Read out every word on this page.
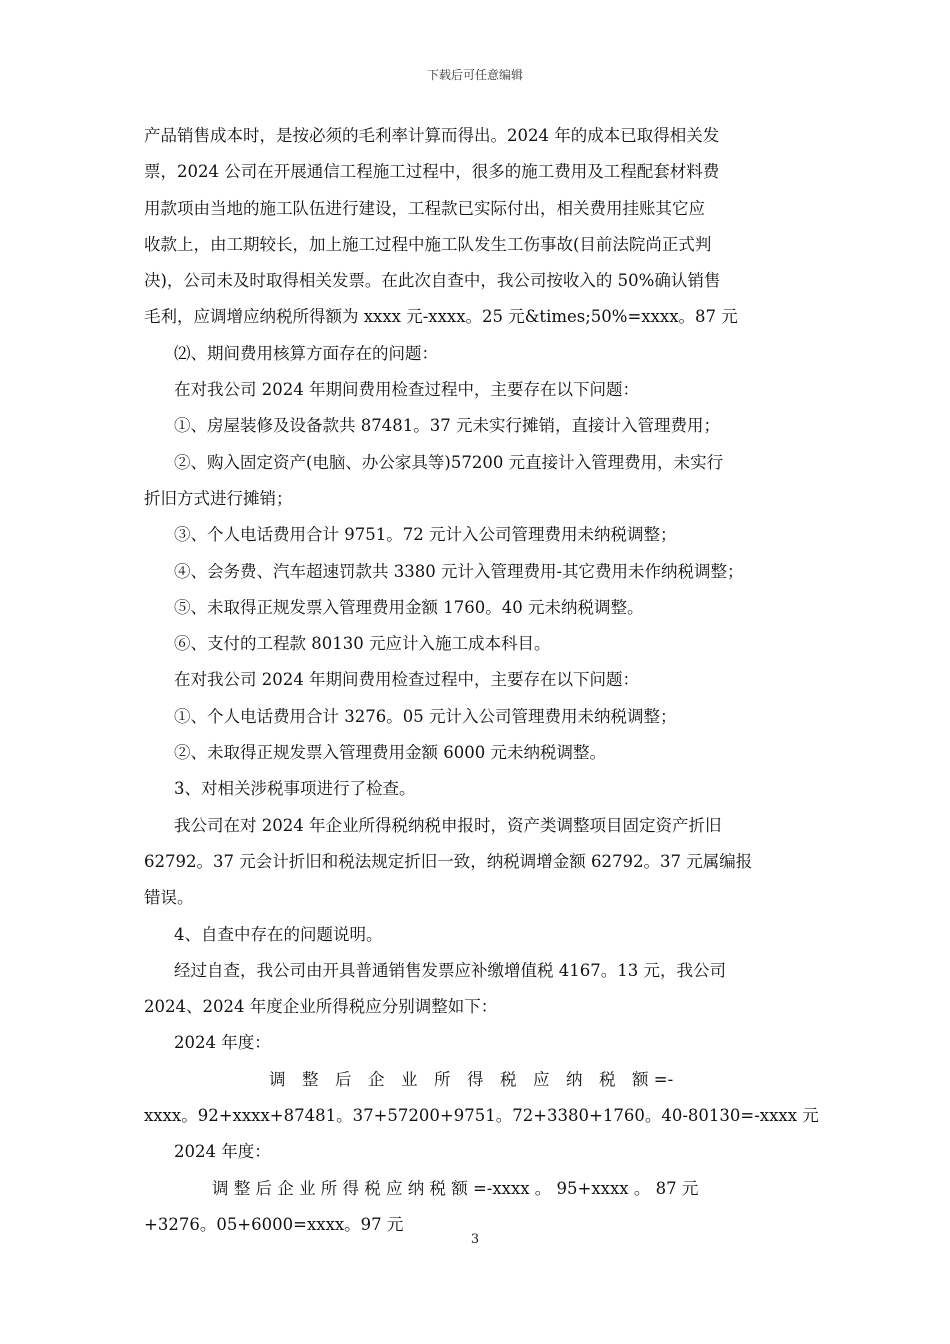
下载后可任意编辑

产品销售成本时，是按必须的毛利率计算而得出。2024 年的成本已取得相关发

票，2024 公司在开展通信工程施工过程中，很多的施工费用及工程配套材料费

用款项由当地的施工队伍进行建设，工程款已实际付出，相关费用挂账其它应

收款上，由工期较长，加上施工过程中施工队发生工伤事故(目前法院尚正式判

决)，公司未及时取得相关发票。在此次自查中，我公司按收入的 50%确认销售

毛利，应调增应纳税所得额为 xxxx 元-xxxx。25 元&times;50%=xxxx。87 元

⑵、期间费用核算方面存在的问题：

在对我公司 2024 年期间费用检查过程中，主要存在以下问题：

①、房屋装修及设备款共 87481。37 元未实行摊销，直接计入管理费用；

②、购入固定资产(电脑、办公家具等)57200 元直接计入管理费用，未实行

折旧方式进行摊销；

③、个人电话费用合计 9751。72 元计入公司管理费用未纳税调整；

④、会务费、汽车超速罚款共 3380 元计入管理费用-其它费用未作纳税调整；

⑤、未取得正规发票入管理费用金额 1760。40 元未纳税调整。

⑥、支付的工程款 80130 元应计入施工成本科目。

在对我公司 2024 年期间费用检查过程中，主要存在以下问题：

①、个人电话费用合计 3276。05 元计入公司管理费用未纳税调整；

②、未取得正规发票入管理费用金额 6000 元未纳税调整。

3、对相关涉税事项进行了检查。

我公司在对 2024 年企业所得税纳税申报时，资产类调整项目固定资产折旧

62792。37 元会计折旧和税法规定折旧一致，纳税调增金额 62792。37 元属编报

错误。

4、自查中存在的问题说明。

经过自查，我公司由开具普通销售发票应补缴增值税 4167。13 元，我公司

2024、2024 年度企业所得税应分别调整如下：

2024 年度：

调　整　后　企　业　所　得　税　应　纳　税　额 =-

xxxx。92+xxxx+87481。37+57200+9751。72+3380+1760。40-80130=-xxxx 元

2024 年度：

调 整 后 企 业 所 得 税 应 纳 税 额 =-xxxx 。 95+xxxx 。 87 元

+3276。05+6000=xxxx。97 元

3
